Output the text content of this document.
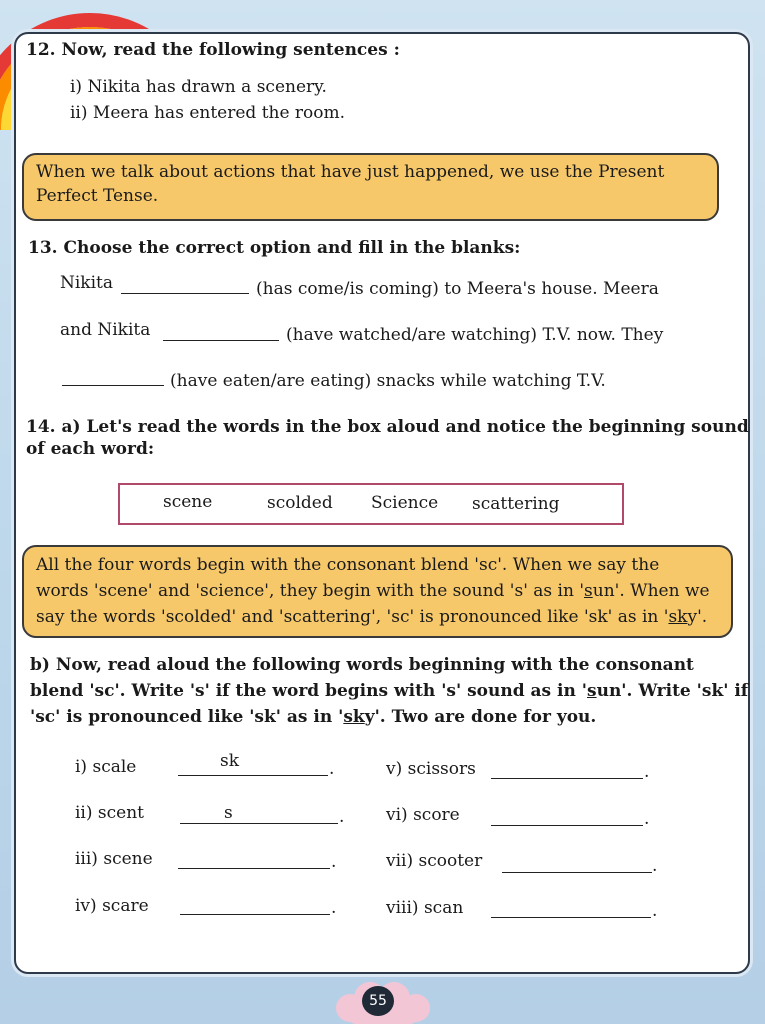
12. Now, read the following sentences :
i) Nikita has drawn a scenery.
ii) Meera has entered the room.
When we talk about actions that have just happened, we use the Present
Perfect Tense.
13. Choose the correct option and fill in the blanks:
Nikita	(has come/is coming) to Meera's house. Meera
and Nikita	(have watched/are watching) T.V. now. They
(have eaten/are eating) snacks while watching T.V.
14. a) Let's read the words in the box aloud and notice the beginning sound
of each word:
scene	scolded Science scattering
All the four words begin with the consonant blend 'sc'. When we say the
words 'scene' and 'science', they begin with the sound 's' as in 'sun'. When we
say the words 'scolded' and 'scattering', 'sc' is pronounced like 'sk' as in 'sky'.
b) Now, read aloud the following words beginning with the consonant
blend 'sc'. Write 's' if the word begins with 's' sound as in 'sun'. Write 'sk' if
'sc' is pronounced like 'sk' as in 'sky'. Two are done for you.
i) scale	sk	.
ii) scent	s	.
iii) scene	.
iv) scare	.
v) scissors	.
vi) score	.
vii) scooter	.
viii) scan	.
55
